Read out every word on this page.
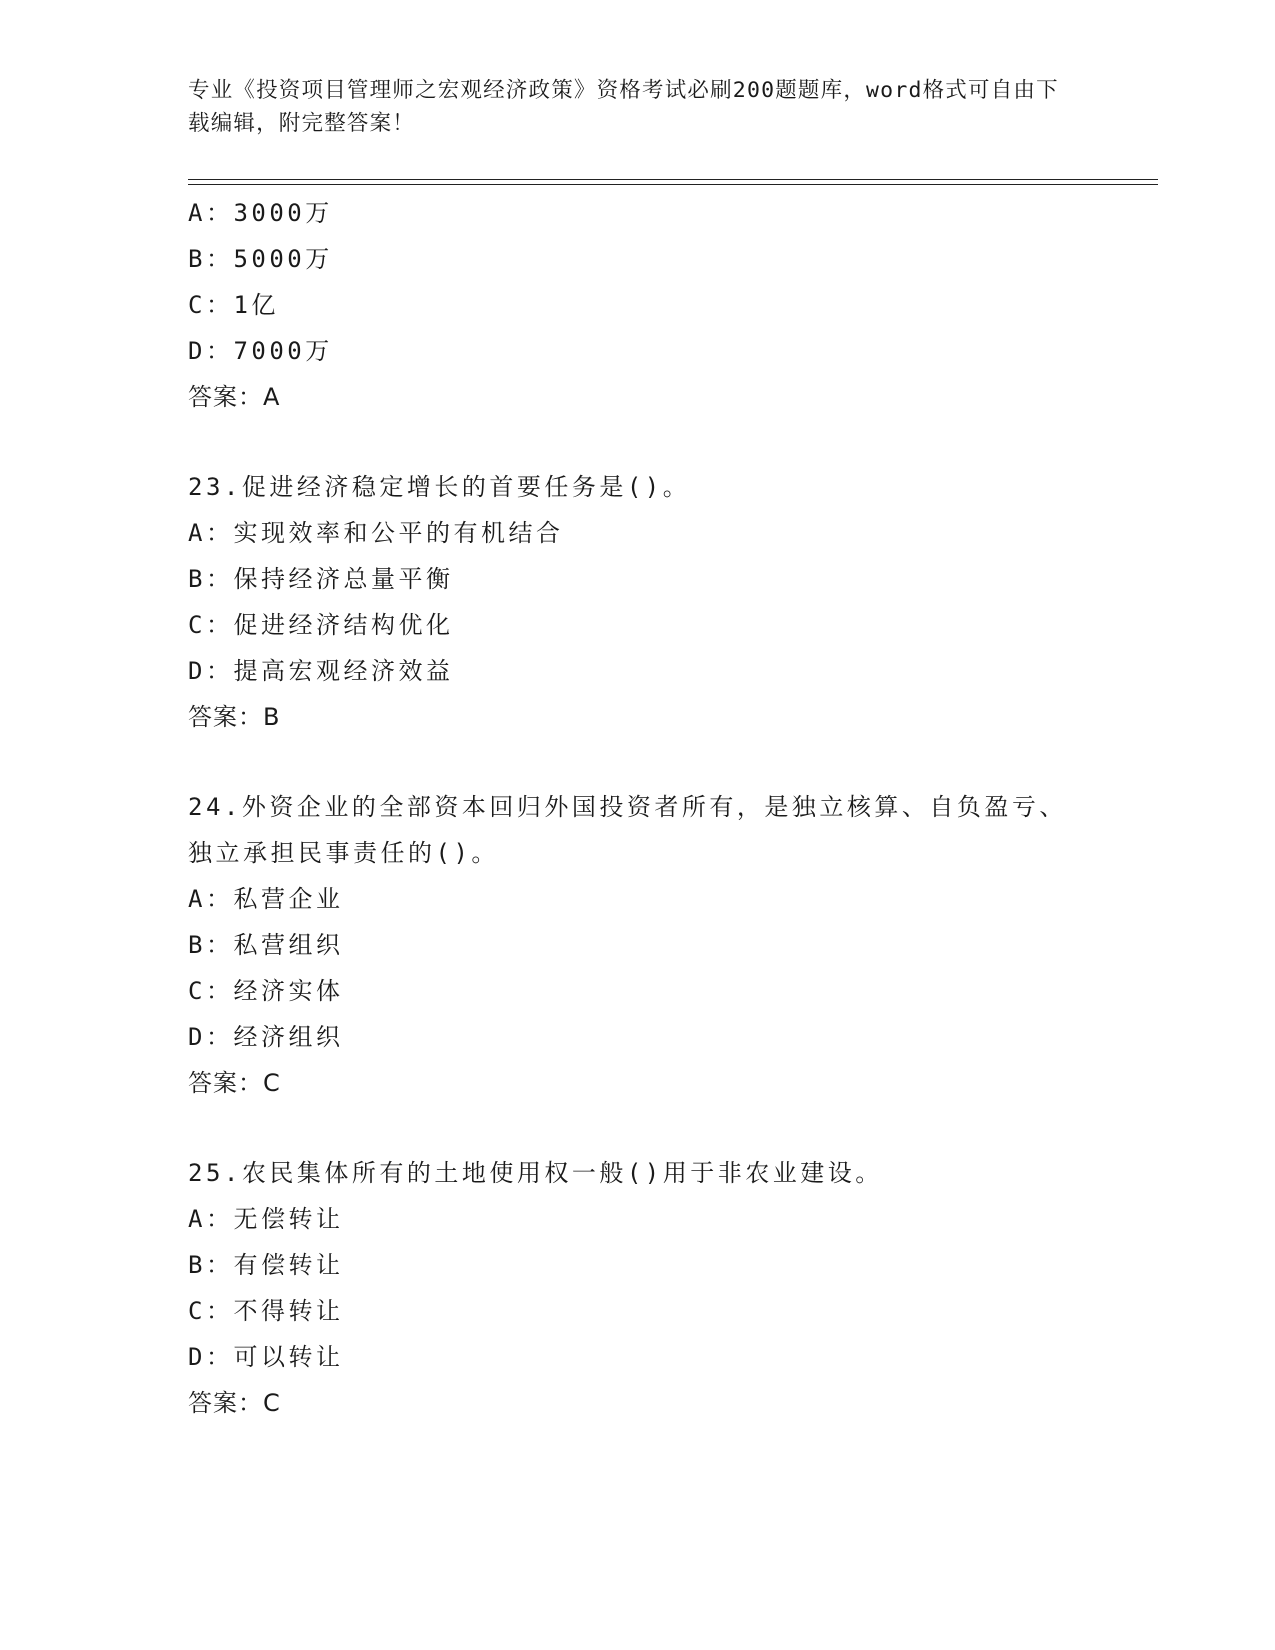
专业《投资项目管理师之宏观经济政策》资格考试必刷200题题库，word格式可自由下载编辑，附完整答案！
A：3000万
B：5000万
C：1亿
D：7000万
答案：A
23.促进经济稳定增长的首要任务是()。
A：实现效率和公平的有机结合
B：保持经济总量平衡
C：促进经济结构优化
D：提高宏观经济效益
答案：B
24.外资企业的全部资本回归外国投资者所有，是独立核算、自负盈亏、独立承担民事责任的()。
A：私营企业
B：私营组织
C：经济实体
D：经济组织
答案：C
25.农民集体所有的土地使用权一般()用于非农业建设。
A：无偿转让
B：有偿转让
C：不得转让
D：可以转让
答案：C
